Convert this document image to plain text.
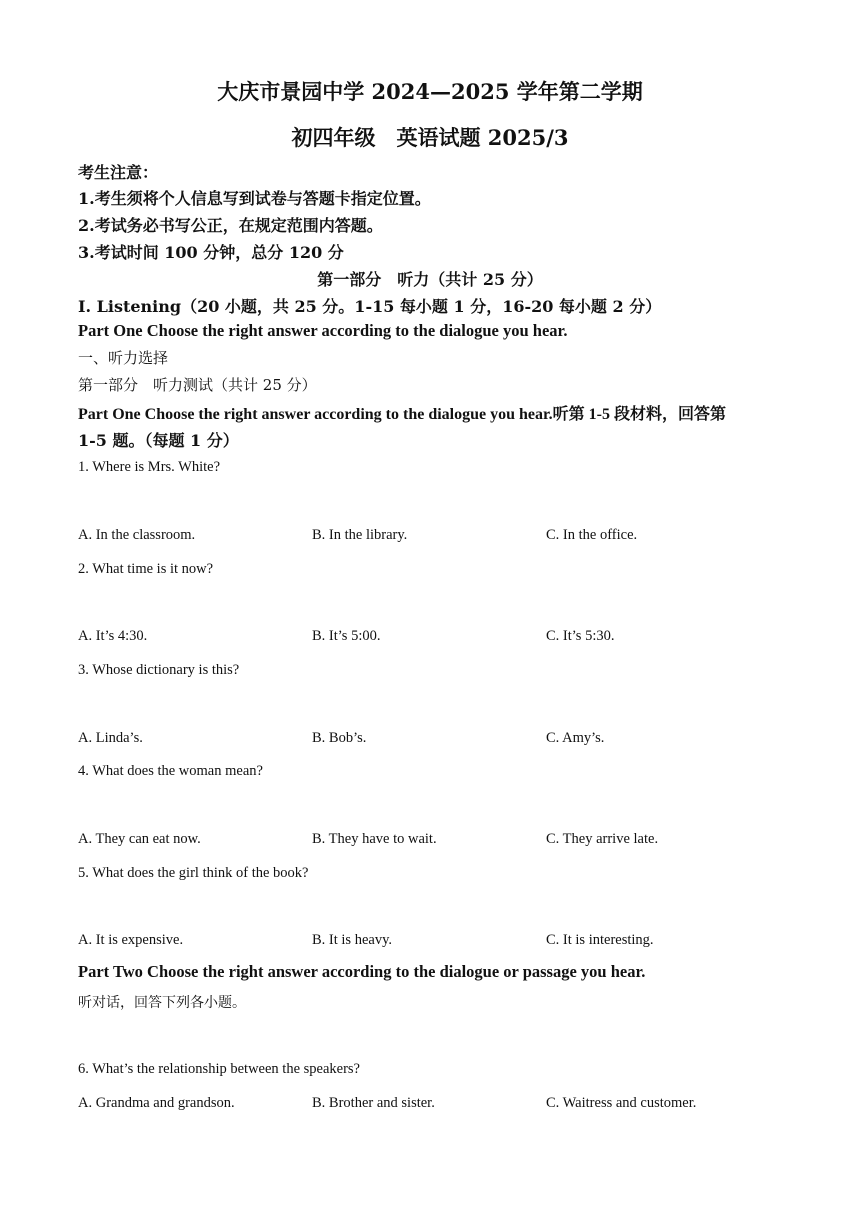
大庆市景园中学 2024—2025 学年第二学期
初四年级　英语试题 2025/3
考生注意：
1.考生须将个人信息写到试卷与答题卡指定位置。
2.考试务必书写公正，在规定范围内答题。
3.考试时间 100 分钟，总分 120 分
第一部分　听力（共计 25 分）
I. Listening（20 小题，共 25 分。1-15 每小题 1 分，16-20 每小题 2 分）
Part One Choose the right answer according to the dialogue you hear.
一、听力选择
第一部分　听力测试（共计 25 分）
Part One Choose the right answer according to the dialogue you hear.听第 1-5 段材料，回答第
1-5 题。（每题 1 分）
1. Where is Mrs. White?
A. In the classroom.	B. In the library.	C. In the office.
2. What time is it now?
A. It’s 4:30.	B. It’s 5:00.	C. It’s 5:30.
3. Whose dictionary is this?
A. Linda’s.	B. Bob’s.	C. Amy’s.
4. What does the woman mean?
A. They can eat now.	B. They have to wait.	C. They arrive late.
5. What does the girl think of the book?
A. It is expensive.	B. It is heavy.	C. It is interesting.
Part Two Choose the right answer according to the dialogue or passage you hear.
听对话，回答下列各小题。
6. What’s the relationship between the speakers?
A. Grandma and grandson.	B. Brother and sister.	C. Waitress and customer.
